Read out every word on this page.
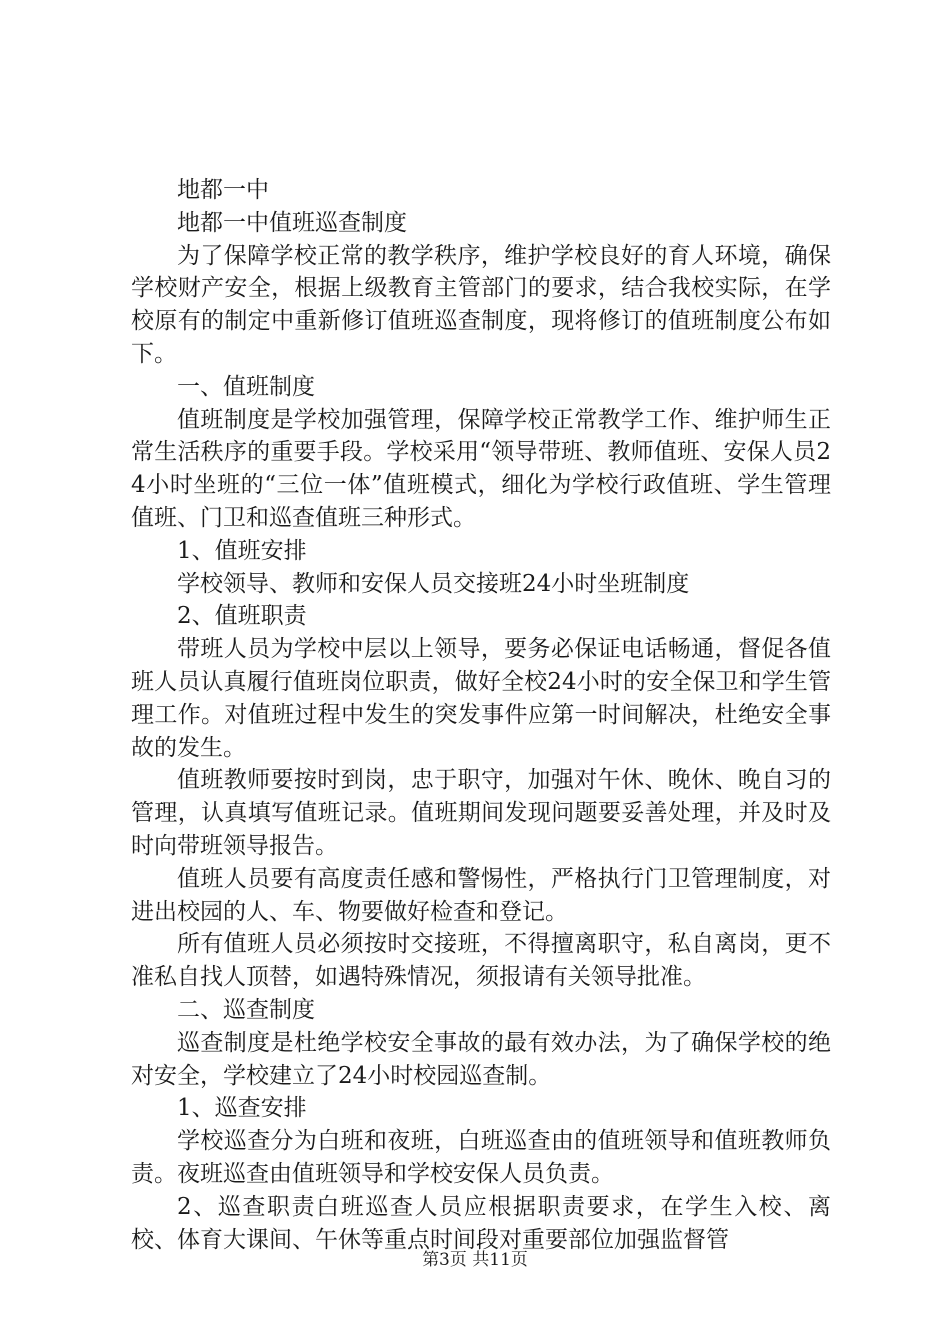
地都一中

地都一中值班巡查制度

为了保障学校正常的教学秩序，维护学校良好的育人环境，确保学校财产安全，根据上级教育主管部门的要求，结合我校实际，在学校原有的制定中重新修订值班巡查制度，现将修订的值班制度公布如下。

一、值班制度

值班制度是学校加强管理，保障学校正常教学工作、维护师生正常生活秩序的重要手段。学校采用“领导带班、教师值班、安保人员24小时坐班的“三位一体”值班模式，细化为学校行政值班、学生管理值班、门卫和巡查值班三种形式。

1、值班安排

学校领导、教师和安保人员交接班24小时坐班制度

2、值班职责

带班人员为学校中层以上领导，要务必保证电话畅通，督促各值班人员认真履行值班岗位职责，做好全校24小时的安全保卫和学生管理工作。对值班过程中发生的突发事件应第一时间解决，杜绝安全事故的发生。

值班教师要按时到岗，忠于职守，加强对午休、晚休、晚自习的管理，认真填写值班记录。值班期间发现问题要妥善处理，并及时及时向带班领导报告。

值班人员要有高度责任感和警惕性，严格执行门卫管理制度，对进出校园的人、车、物要做好检查和登记。

所有值班人员必须按时交接班，不得擅离职守，私自离岗，更不准私自找人顶替，如遇特殊情况，须报请有关领导批准。

二、巡查制度

巡查制度是杜绝学校安全事故的最有效办法，为了确保学校的绝对安全，学校建立了24小时校园巡查制。

1、巡查安排

学校巡查分为白班和夜班，白班巡查由的值班领导和值班教师负责。夜班巡查由值班领导和学校安保人员负责。

2、巡查职责白班巡查人员应根据职责要求，在学生入校、离校、体育大课间、午休等重点时间段对重要部位加强监督管

第3页 共11页
